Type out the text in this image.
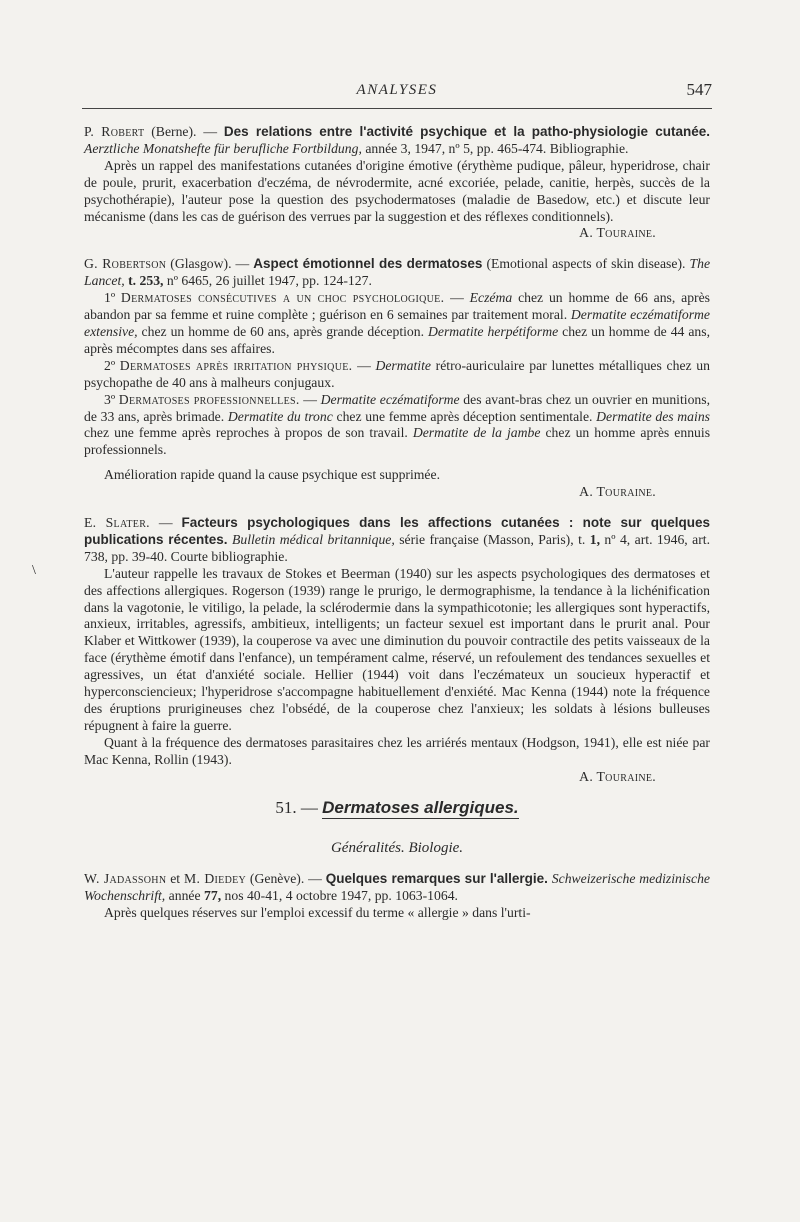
ANALYSES	547
\

P. Robert (Berne). — Des relations entre l'activité psychique et la patho-physiologie cutanée. Aerztliche Monatshefte für berufliche Fortbildung, année 3, 1947, nº 5, pp. 465-474. Bibliographie.

Après un rappel des manifestations cutanées d'origine émotive (érythème pudique, pâleur, hyperidrose, chair de poule, prurit, exacerbation d'eczéma, de névrodermite, acné excoriée, pelade, canitie, herpès, succès de la psychothérapie), l'auteur pose la question des psychodermatoses (maladie de Basedow, etc.) et discute leur mécanisme (dans les cas de guérison des verrues par la suggestion et des réflexes conditionnels).
A. Touraine.

G. Robertson (Glasgow). — Aspect émotionnel des dermatoses (Emotional aspects of skin disease). The Lancet, t. 253, nº 6465, 26 juillet 1947, pp. 124-127.

1º Dermatoses consécutives a un choc psychologique. — Eczéma chez un homme de 66 ans, après abandon par sa femme et ruine complète ; guérison en 6 semaines par traitement moral. Dermatite eczématiforme extensive, chez un homme de 60 ans, après grande déception. Dermatite herpétiforme chez un homme de 44 ans, après mécomptes dans ses affaires.

2º Dermatoses après irritation physique. — Dermatite rétro-auriculaire par lunettes métalliques chez un psychopathe de 40 ans à malheurs conjugaux.

3º Dermatoses professionnelles. — Dermatite eczématiforme des avant-bras chez un ouvrier en munitions, de 33 ans, après brimade. Dermatite du tronc chez une femme après déception sentimentale. Dermatite des mains chez une femme après reproches à propos de son travail. Dermatite de la jambe chez un homme après ennuis professionnels.

Amélioration rapide quand la cause psychique est supprimée.

A. Touraine.

E. Slater. — Facteurs psychologiques dans les affections cutanées : note sur quelques publications récentes. Bulletin médical britannique, série française (Masson, Paris), t. 1, nº 4, art. 1946, art. 738, pp. 39-40. Courte bibliographie.

L'auteur rappelle les travaux de Stokes et Beerman (1940) sur les aspects psychologiques des dermatoses et des affections allergiques. Rogerson (1939) range le prurigo, le dermographisme, la tendance à la lichénification dans la vagotonie, le vitiligo, la pelade, la sclérodermie dans la sympathicotonie; les allergiques sont hyperactifs, anxieux, irritables, agressifs, ambitieux, intelligents; un facteur sexuel est important dans le prurit anal. Pour Klaber et Wittkower (1939), la couperose va avec une diminution du pouvoir contractile des petits vaisseaux de la face (érythème émotif dans l'enfance), un tempérament calme, réservé, un refoulement des tendances sexuelles et agressives, un état d'anxiété sociale. Hellier (1944) voit dans l'eczémateux un soucieux hyperactif et hyperconsciencieux; l'hyperidrose s'accompagne habituellement d'enxiété. Mac Kenna (1944) note la fréquence des éruptions prurigineuses chez l'obsédé, de la couperose chez l'anxieux; les soldats à lésions bulleuses répugnent à faire la guerre.

Quant à la fréquence des dermatoses parasitaires chez les arriérés mentaux (Hodgson, 1941), elle est niée par Mac Kenna, Rollin (1943).

A. Touraine.

51. — Dermatoses allergiques.
Généralités. Biologie.

W. Jadassohn et M. Diedey (Genève). — Quelques remarques sur l'allergie. Schweizerische medizinische Wochenschrift, année 77, nos 40-41, 4 octobre 1947, pp. 1063-1064.

Après quelques réserves sur l'emploi excessif du terme « allergie » dans l'urti-
